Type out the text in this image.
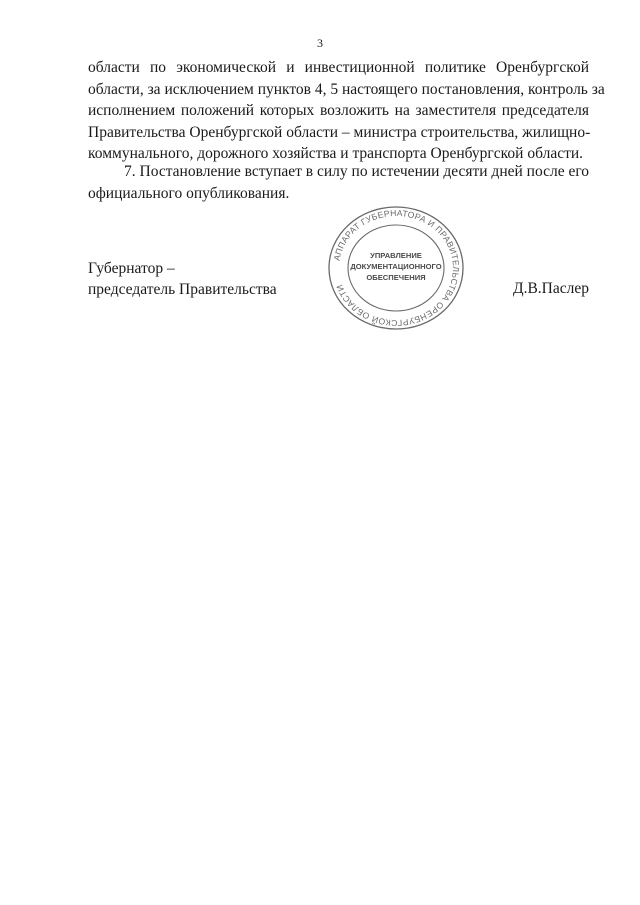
3
области по экономической и инвестиционной политике Оренбургской
области, за исключением пунктов 4, 5 настоящего постановления, контроль за
исполнением положений которых возложить на заместителя председателя
Правительства Оренбургской области – министра строительства, жилищно-
коммунального, дорожного хозяйства и транспорта Оренбургской области.
7. Постановление вступает в силу по истечении десяти дней после его
официального опубликования.
Губернатор –
председатель Правительства	Д.В.Паслер
АППАРАТ ГУБЕРНАТОРА И ПРАВИТЕЛЬСТВА ОРЕНБУРГСКОЙ ОБЛАСТИ
УПРАВЛЕНИЕ
ДОКУМЕНТАЦИОННОГО
ОБЕСПЕЧЕНИЯ
